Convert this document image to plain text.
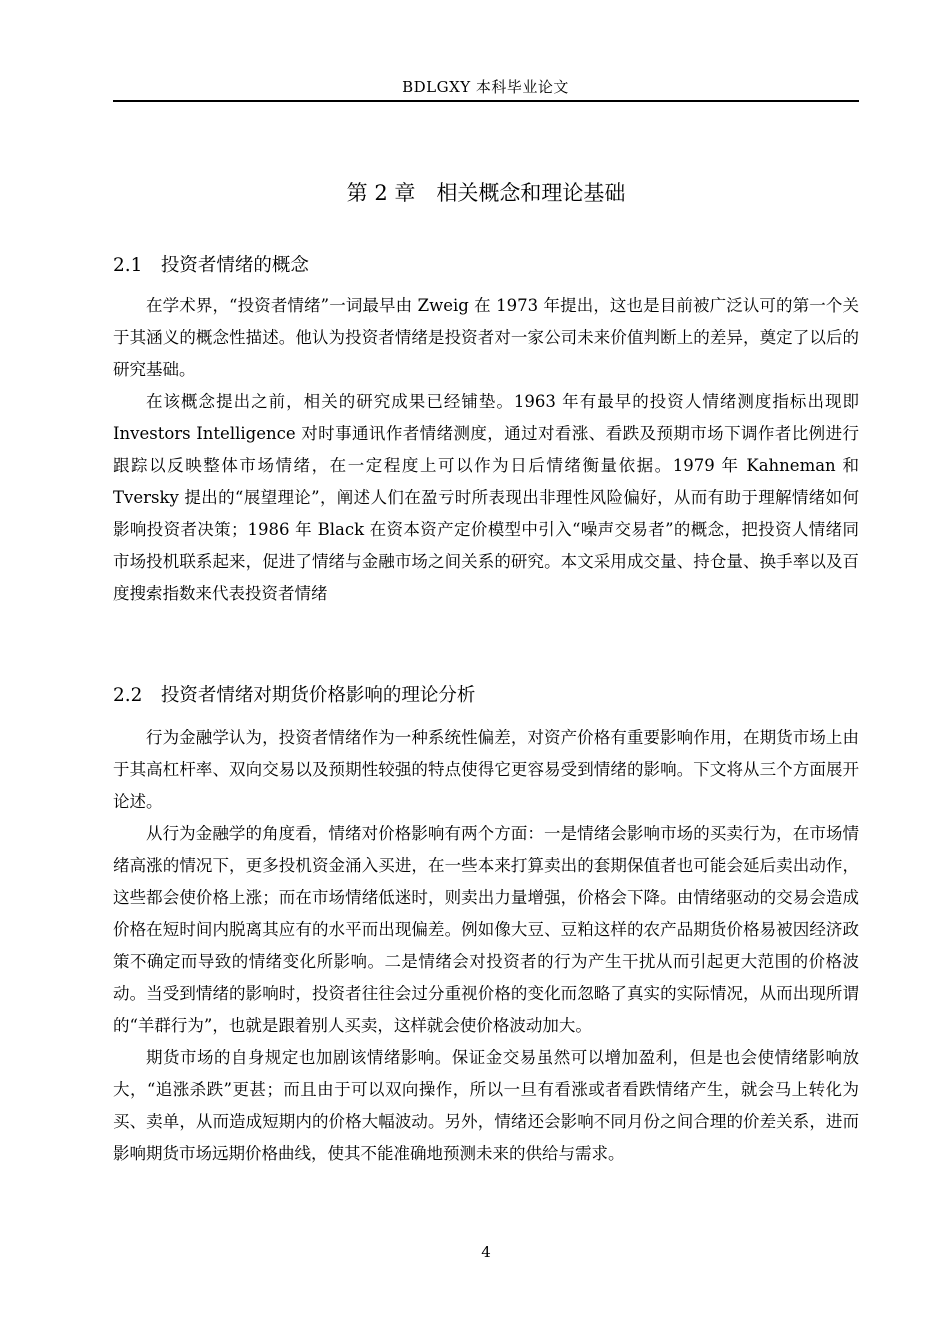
BDLGXY 本科毕业论文
第 2 章　相关概念和理论基础
2.1　投资者情绪的概念

在学术界，“投资者情绪”一词最早由 Zweig 在 1973 年提出，这也是目前被广泛认可的第一个关于其涵义的概念性描述。他认为投资者情绪是投资者对一家公司未来价值判断上的差异，奠定了以后的研究基础。

在该概念提出之前，相关的研究成果已经铺垫。1963 年有最早的投资人情绪测度指标出现即 Investors Intelligence 对时事通讯作者情绪测度，通过对看涨、看跌及预期市场下调作者比例进行跟踪以反映整体市场情绪，在一定程度上可以作为日后情绪衡量依据。1979 年 Kahneman 和 Tversky 提出的“展望理论”，阐述人们在盈亏时所表现出非理性风险偏好，从而有助于理解情绪如何影响投资者决策；1986 年 Black 在资本资产定价模型中引入“噪声交易者”的概念，把投资人情绪同市场投机联系起来，促进了情绪与金融市场之间关系的研究。本文采用成交量、持仓量、换手率以及百度搜索指数来代表投资者情绪

2.2　投资者情绪对期货价格影响的理论分析

行为金融学认为，投资者情绪作为一种系统性偏差，对资产价格有重要影响作用，在期货市场上由于其高杠杆率、双向交易以及预期性较强的特点使得它更容易受到情绪的影响。下文将从三个方面展开论述。

从行为金融学的角度看，情绪对价格影响有两个方面：一是情绪会影响市场的买卖行为，在市场情绪高涨的情况下，更多投机资金涌入买进，在一些本来打算卖出的套期保值者也可能会延后卖出动作，这些都会使价格上涨；而在市场情绪低迷时，则卖出力量增强，价格会下降。由情绪驱动的交易会造成价格在短时间内脱离其应有的水平而出现偏差。例如像大豆、豆粕这样的农产品期货价格易被因经济政策不确定而导致的情绪变化所影响。二是情绪会对投资者的行为产生干扰从而引起更大范围的价格波动。当受到情绪的影响时，投资者往往会过分重视价格的变化而忽略了真实的实际情况，从而出现所谓的“羊群行为”，也就是跟着别人买卖，这样就会使价格波动加大。

期货市场的自身规定也加剧该情绪影响。保证金交易虽然可以增加盈利，但是也会使情绪影响放大，“追涨杀跌”更甚；而且由于可以双向操作，所以一旦有看涨或者看跌情绪产生，就会马上转化为买、卖单，从而造成短期内的价格大幅波动。另外，情绪还会影响不同月份之间合理的价差关系，进而影响期货市场远期价格曲线，使其不能准确地预测未来的供给与需求。

4
